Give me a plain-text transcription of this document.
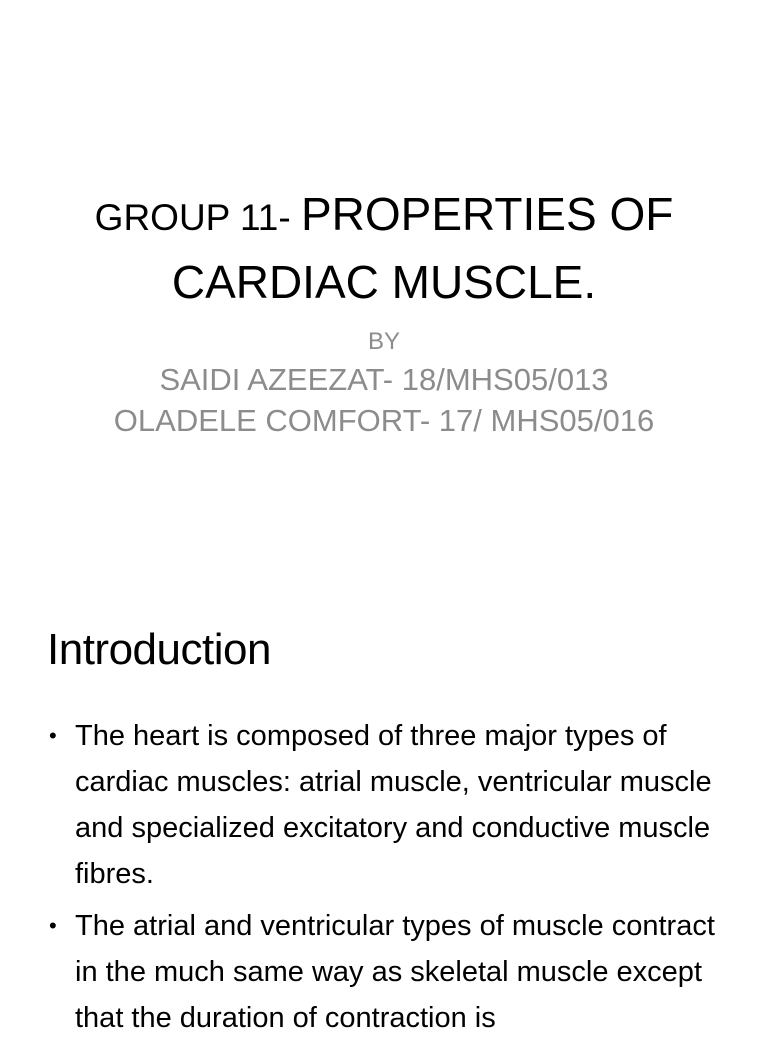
GROUP 11- PROPERTIES OF CARDIAC MUSCLE.
BY
SAIDI AZEEZAT- 18/MHS05/013
OLADELE COMFORT- 17/ MHS05/016
Introduction
• The heart is composed of three major types of cardiac muscles: atrial muscle, ventricular muscle and specialized excitatory and conductive muscle fibres.
• The atrial and ventricular types of muscle contract in the much same way as skeletal muscle except that the duration of contraction is
